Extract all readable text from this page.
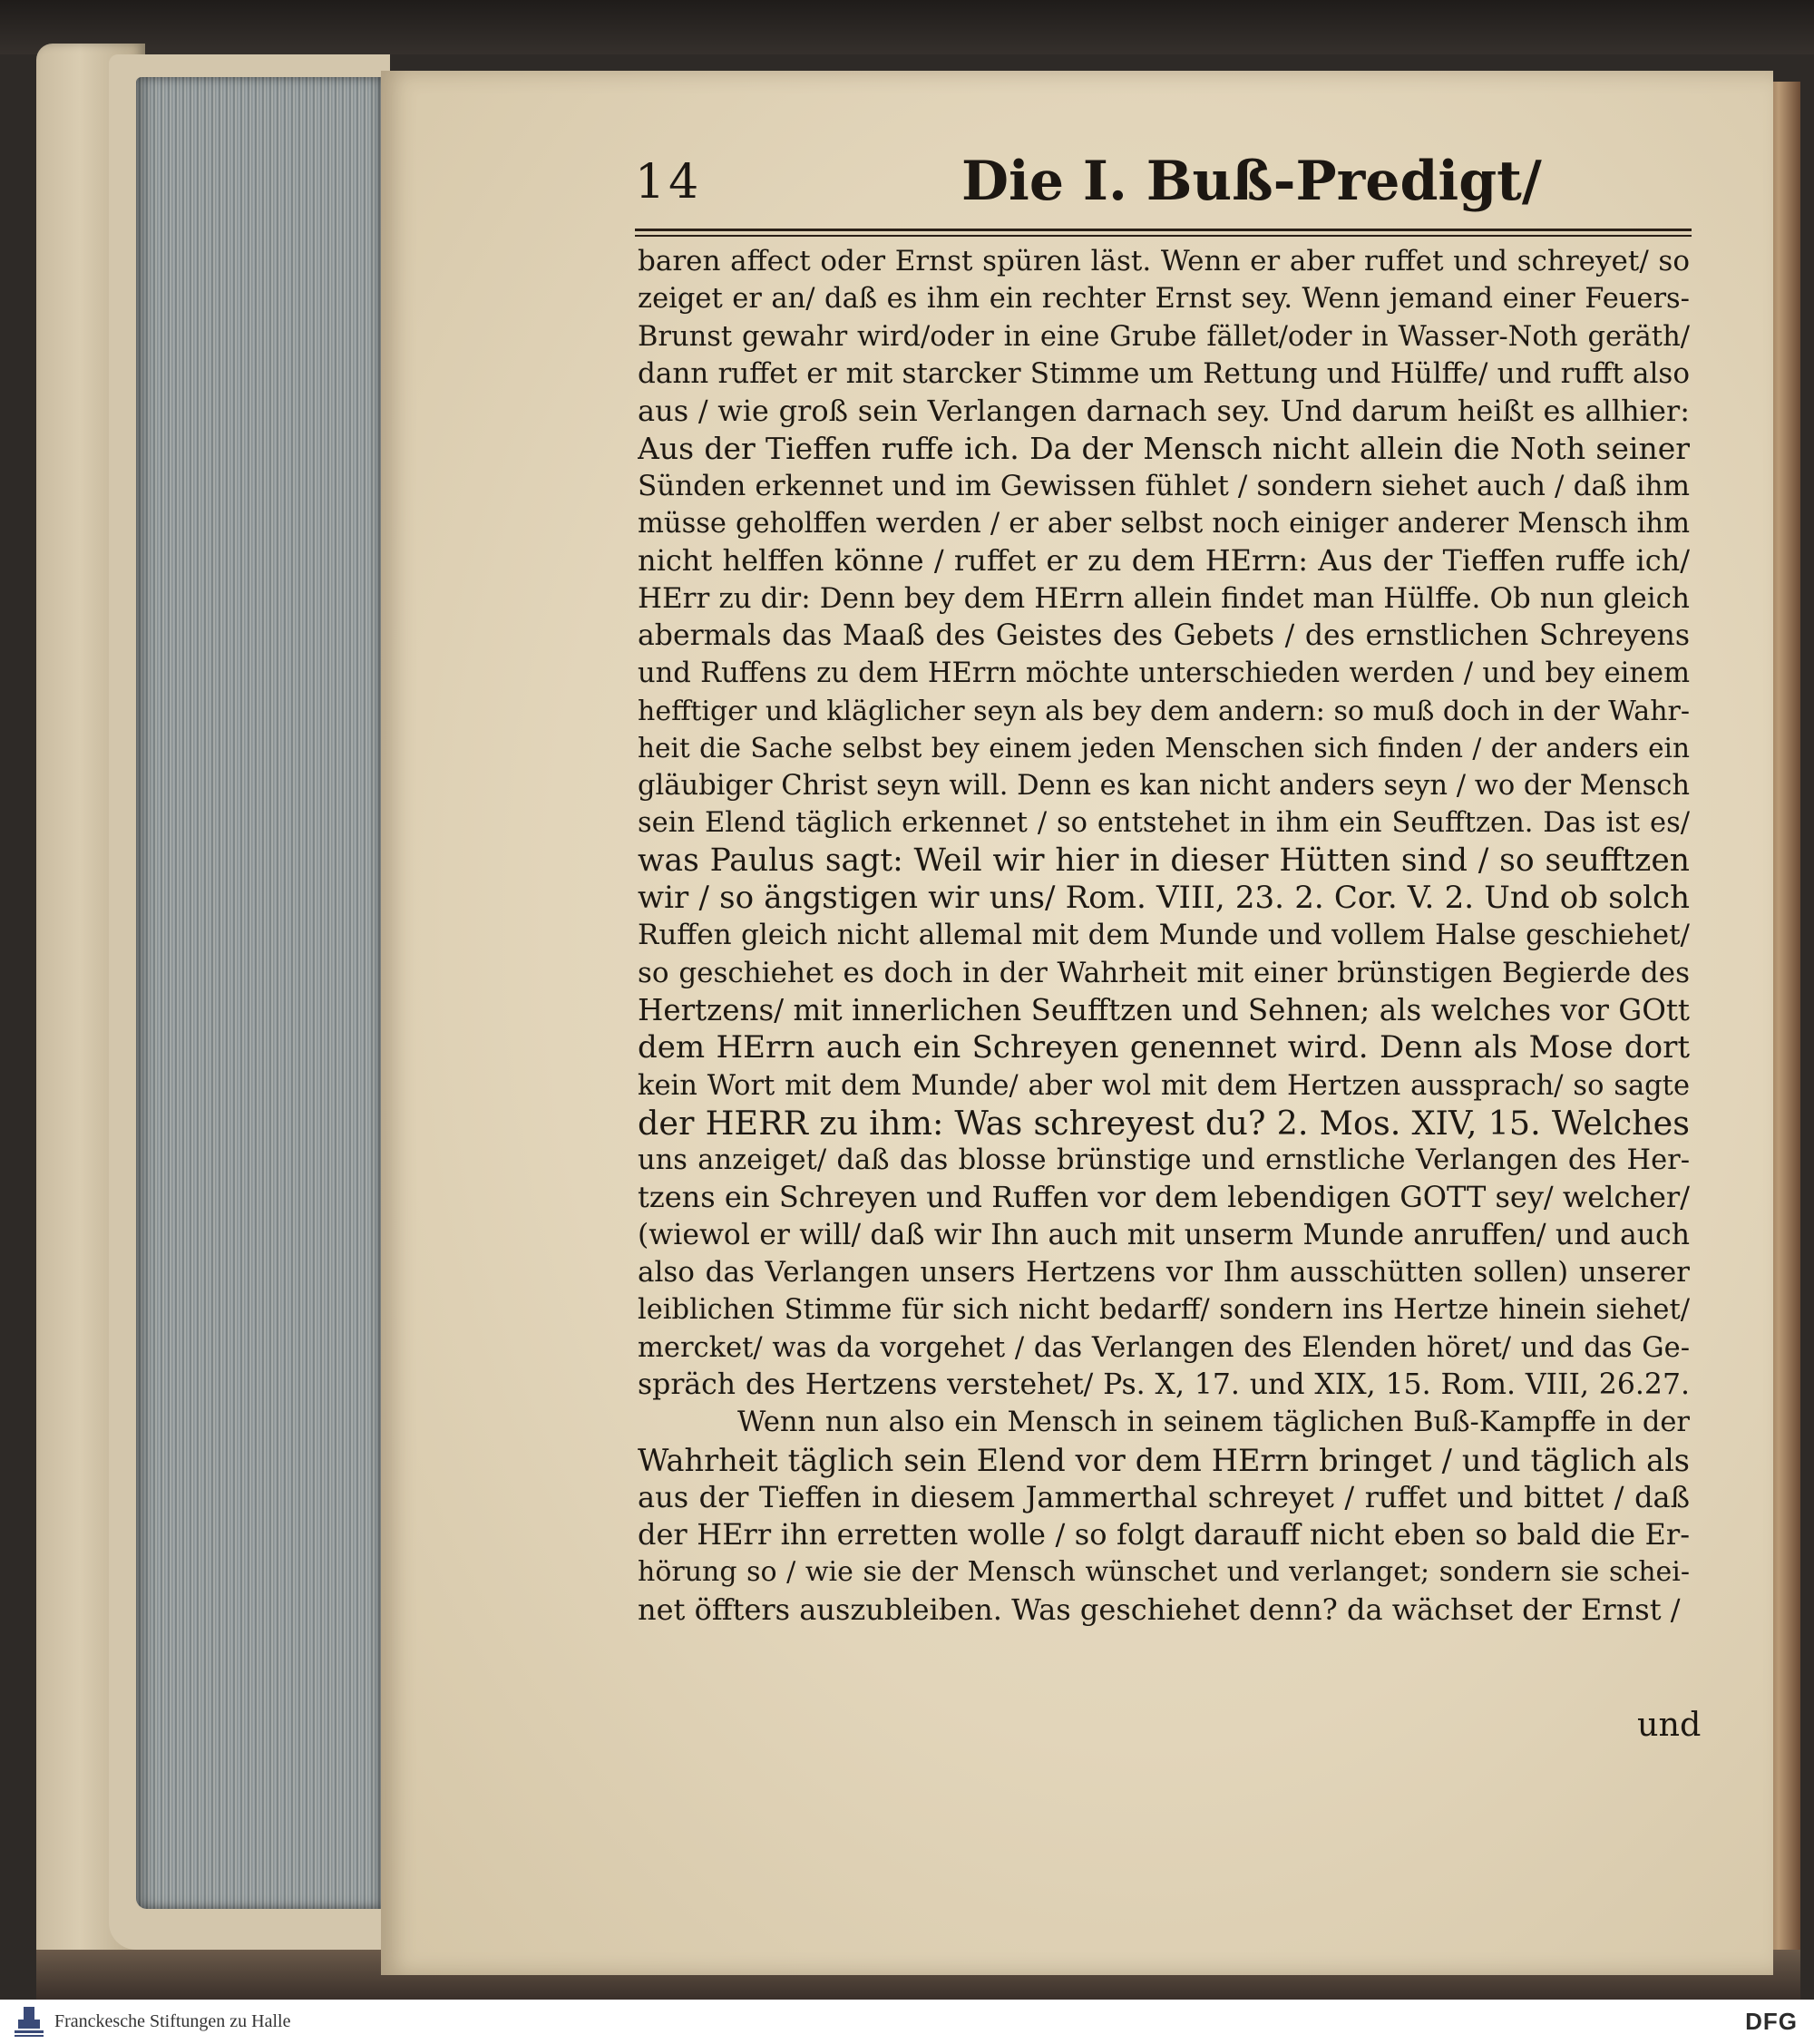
14	Die I. Buß-Predigt/
baren affect oder Ernst spüren läst. Wenn er aber ruffet und schreyet/ so
zeiget er an/ daß es ihm ein rechter Ernst sey. Wenn jemand einer Feuers-
Brunst gewahr wird/oder in eine Grube fället/oder in Wasser-Noth geräth/
dann ruffet er mit starcker Stimme um Rettung und Hülffe/ und rufft also
aus / wie groß sein Verlangen darnach sey. Und darum heißt es allhier:
Aus der Tieffen ruffe ich. Da der Mensch nicht allein die Noth seiner
Sünden erkennet und im Gewissen fühlet / sondern siehet auch / daß ihm
müsse geholffen werden / er aber selbst noch einiger anderer Mensch ihm
nicht helffen könne / ruffet er zu dem HErrn: Aus der Tieffen ruffe ich/
HErr zu dir: Denn bey dem HErrn allein findet man Hülffe. Ob nun gleich
abermals das Maaß des Geistes des Gebets / des ernstlichen Schreyens
und Ruffens zu dem HErrn möchte unterschieden werden / und bey einem
hefftiger und kläglicher seyn als bey dem andern: so muß doch in der Wahr-
heit die Sache selbst bey einem jeden Menschen sich finden / der anders ein
gläubiger Christ seyn will. Denn es kan nicht anders seyn / wo der Mensch
sein Elend täglich erkennet / so entstehet in ihm ein Seufftzen. Das ist es/
was Paulus sagt: Weil wir hier in dieser Hütten sind / so seufftzen
wir / so ängstigen wir uns/ Rom. VIII, 23. 2. Cor. V. 2. Und ob solch
Ruffen gleich nicht allemal mit dem Munde und vollem Halse geschiehet/
so geschiehet es doch in der Wahrheit mit einer brünstigen Begierde des
Hertzens/ mit innerlichen Seufftzen und Sehnen; als welches vor GOtt
dem HErrn auch ein Schreyen genennet wird. Denn als Mose dort
kein Wort mit dem Munde/ aber wol mit dem Hertzen aussprach/ so sagte
der HERR zu ihm: Was schreyest du? 2. Mos. XIV, 15. Welches
uns anzeiget/ daß das blosse brünstige und ernstliche Verlangen des Her-
tzens ein Schreyen und Ruffen vor dem lebendigen GOTT sey/ welcher/
(wiewol er will/ daß wir Ihn auch mit unserm Munde anruffen/ und auch
also das Verlangen unsers Hertzens vor Ihm ausschütten sollen) unserer
leiblichen Stimme für sich nicht bedarff/ sondern ins Hertze hinein siehet/
mercket/ was da vorgehet / das Verlangen des Elenden höret/ und das Ge-
spräch des Hertzens verstehet/ Ps. X, 17. und XIX, 15. Rom. VIII, 26.27.
Wenn nun also ein Mensch in seinem täglichen Buß-Kampffe in der
Wahrheit täglich sein Elend vor dem HErrn bringet / und täglich als
aus der Tieffen in diesem Jammerthal schreyet / ruffet und bittet / daß
der HErr ihn erretten wolle / so folgt darauff nicht eben so bald die Er-
hörung so / wie sie der Mensch wünschet und verlanget; sondern sie schei-
net öffters auszubleiben. Was geschiehet denn? da wächset der Ernst /
und
Franckesche Stiftungen zu Halle	DFG
